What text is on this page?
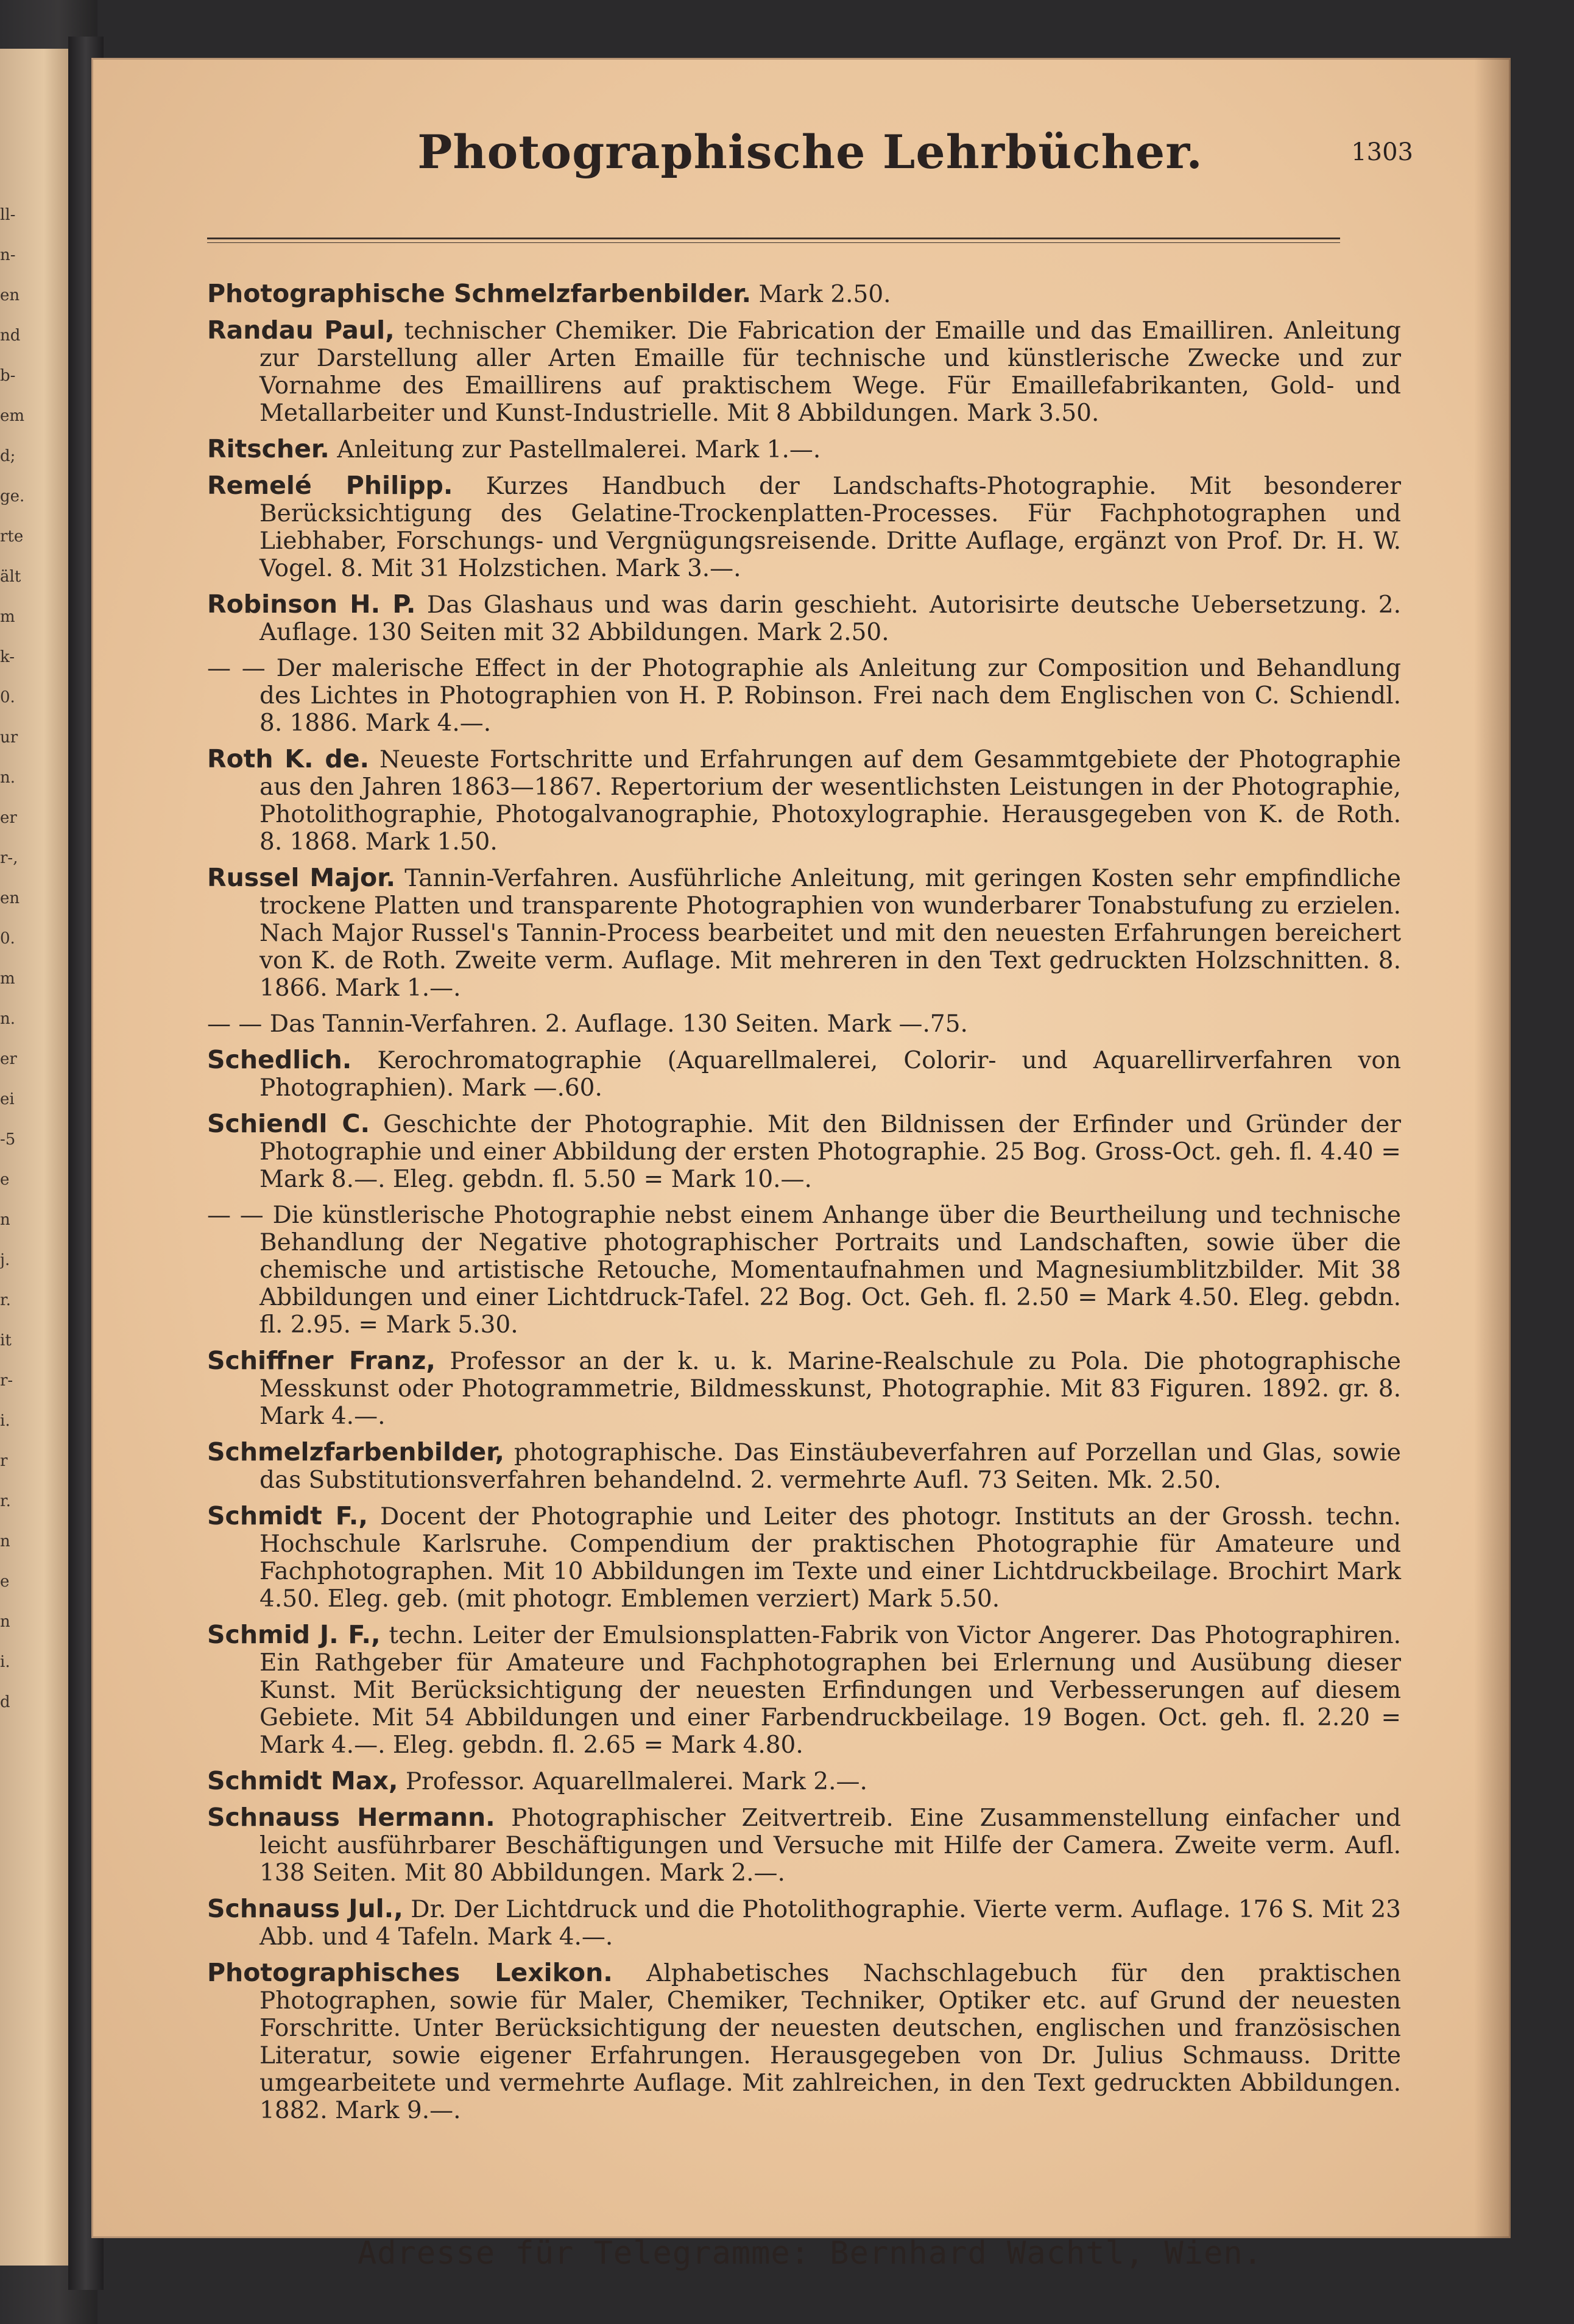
ll-
n-
en
nd
b-
em
d;
ge.
rte
ält
m
k-
0.
ur
n.
er
r-,
en
0.
m
n.
er
ei
-5
e
n
j.
r.
it
r-
i.
r
r.
n
e
n
i.
d
Photographische Lehrbücher.	1303
Photographische Schmelzfarbenbilder. Mark 2.50.
Randau Paul, technischer Chemiker. Die Fabrication der Emaille und das Emailliren. Anleitung zur Darstellung aller Arten Emaille für technische und künstlerische Zwecke und zur Vornahme des Emaillirens auf praktischem Wege. Für Emaillefabrikanten, Gold- und Metallarbeiter und Kunst-Industrielle. Mit 8 Abbildungen. Mark 3.50.
Ritscher. Anleitung zur Pastellmalerei. Mark 1.—.
Remelé Philipp. Kurzes Handbuch der Landschafts-Photographie. Mit besonderer Berücksichtigung des Gelatine-Trockenplatten-Processes. Für Fachphotographen und Liebhaber, Forschungs- und Vergnügungsreisende. Dritte Auflage, ergänzt von Prof. Dr. H. W. Vogel. 8. Mit 31 Holzstichen. Mark 3.—.
Robinson H. P. Das Glashaus und was darin geschieht. Autorisirte deutsche Uebersetzung. 2. Auflage. 130 Seiten mit 32 Abbildungen. Mark 2.50.
— — Der malerische Effect in der Photographie als Anleitung zur Composition und Behandlung des Lichtes in Photographien von H. P. Robinson. Frei nach dem Englischen von C. Schiendl. 8. 1886. Mark 4.—.
Roth K. de. Neueste Fortschritte und Erfahrungen auf dem Gesammtgebiete der Photographie aus den Jahren 1863—1867. Repertorium der wesentlichsten Leistungen in der Photographie, Photolithographie, Photogalvanographie, Photoxylographie. Herausgegeben von K. de Roth. 8. 1868. Mark 1.50.
Russel Major. Tannin-Verfahren. Ausführliche Anleitung, mit geringen Kosten sehr empfindliche trockene Platten und transparente Photographien von wunderbarer Tonabstufung zu erzielen. Nach Major Russel's Tannin-Process bearbeitet und mit den neuesten Erfahrungen bereichert von K. de Roth. Zweite verm. Auflage. Mit mehreren in den Text gedruckten Holzschnitten. 8. 1866. Mark 1.—.
— — Das Tannin-Verfahren. 2. Auflage. 130 Seiten. Mark —.75.
Schedlich. Kerochromatographie (Aquarellmalerei, Colorir- und Aquarellirverfahren von Photographien). Mark —.60.
Schiendl C. Geschichte der Photographie. Mit den Bildnissen der Erfinder und Gründer der Photographie und einer Abbildung der ersten Photographie. 25 Bog. Gross-Oct. geh. fl. 4.40 = Mark 8.—. Eleg. gebdn. fl. 5.50 = Mark 10.—.
— — Die künstlerische Photographie nebst einem Anhange über die Beurtheilung und technische Behandlung der Negative photographischer Portraits und Landschaften, sowie über die chemische und artistische Retouche, Momentaufnahmen und Magnesiumblitzbilder. Mit 38 Abbildungen und einer Lichtdruck-Tafel. 22 Bog. Oct. Geh. fl. 2.50 = Mark 4.50. Eleg. gebdn. fl. 2.95. = Mark 5.30.
Schiffner Franz, Professor an der k. u. k. Marine-Realschule zu Pola. Die photographische Messkunst oder Photogrammetrie, Bildmesskunst, Photographie. Mit 83 Figuren. 1892. gr. 8. Mark 4.—.
Schmelzfarbenbilder, photographische. Das Einstäubeverfahren auf Porzellan und Glas, sowie das Substitutionsverfahren behandelnd. 2. vermehrte Aufl. 73 Seiten. Mk. 2.50.
Schmidt F., Docent der Photographie und Leiter des photogr. Instituts an der Grossh. techn. Hochschule Karlsruhe. Compendium der praktischen Photographie für Amateure und Fachphotographen. Mit 10 Abbildungen im Texte und einer Lichtdruckbeilage. Brochirt Mark 4.50. Eleg. geb. (mit photogr. Emblemen verziert) Mark 5.50.
Schmid J. F., techn. Leiter der Emulsionsplatten-Fabrik von Victor Angerer. Das Photographiren. Ein Rathgeber für Amateure und Fachphotographen bei Erlernung und Ausübung dieser Kunst. Mit Berücksichtigung der neuesten Erfindungen und Verbesserungen auf diesem Gebiete. Mit 54 Abbildungen und einer Farbendruckbeilage. 19 Bogen. Oct. geh. fl. 2.20 = Mark 4.—. Eleg. gebdn. fl. 2.65 = Mark 4.80.
Schmidt Max, Professor. Aquarellmalerei. Mark 2.—.
Schnauss Hermann. Photographischer Zeitvertreib. Eine Zusammenstellung einfacher und leicht ausführbarer Beschäftigungen und Versuche mit Hilfe der Camera. Zweite verm. Aufl. 138 Seiten. Mit 80 Abbildungen. Mark 2.—.
Schnauss Jul., Dr. Der Lichtdruck und die Photolithographie. Vierte verm. Auflage. 176 S. Mit 23 Abb. und 4 Tafeln. Mark 4.—.
Photographisches Lexikon. Alphabetisches Nachschlagebuch für den praktischen Photographen, sowie für Maler, Chemiker, Techniker, Optiker etc. auf Grund der neuesten Forschritte. Unter Berücksichtigung der neuesten deutschen, englischen und französischen Literatur, sowie eigener Erfahrungen. Herausgegeben von Dr. Julius Schmauss. Dritte umgearbeitete und vermehrte Auflage. Mit zahlreichen, in den Text gedruckten Abbildungen. 1882. Mark 9.—.
Adresse für Telegramme: Bernhard Wachtl, Wien.
